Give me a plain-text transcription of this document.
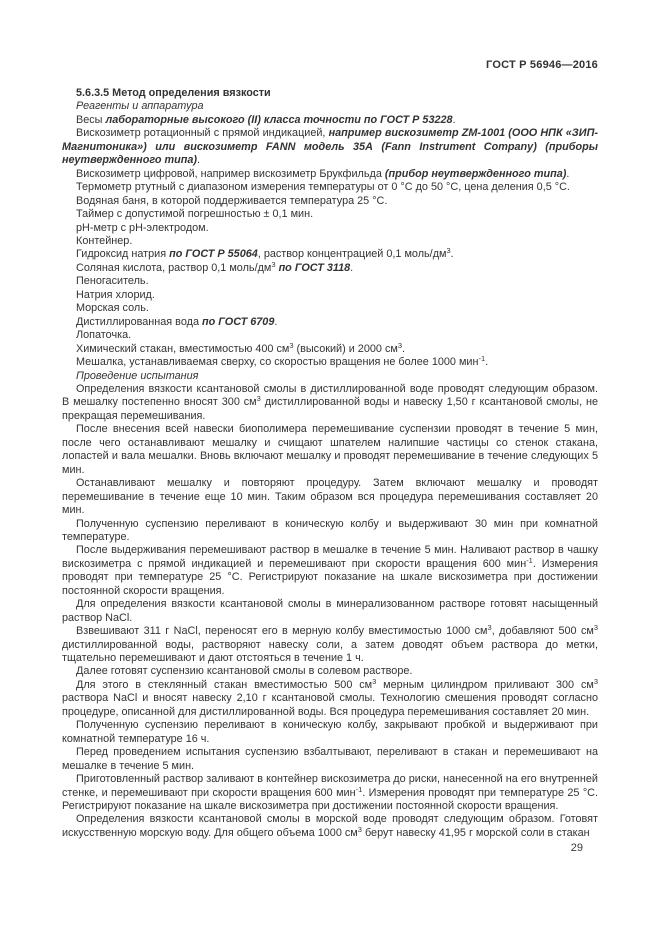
ГОСТ Р 56946—2016

5.6.3.5 Метод определения вязкости

Реагенты и аппаратура

Весы лабораторные высокого (II) класса точности по ГОСТ Р 53228.

Вискозиметр ротационный с прямой индикацией, например вискозиметр ZM-1001 (ООО НПК «ЗИП-Магнитоника») или вискозиметр FANN модель 35А (Fann Instrument Company) (приборы неутвержденного типа).

Вискозиметр цифровой, например вискозиметр Брукфильда (прибор неутвержденного типа).

Термометр ртутный с диапазоном измерения температуры от 0 °С до 50 °С, цена деления 0,5 °С.

Водяная баня, в которой поддерживается температура 25 °С.

Таймер с допустимой погрешностью ± 0,1 мин.

рН-метр с рН-электродом.

Контейнер.

Гидроксид натрия по ГОСТ Р 55064, раствор концентрацией 0,1 моль/$дм^3$.

Соляная кислота, раствор 0,1 моль/$дм^3$ по ГОСТ 3118.

Пеногаситель.

Натрия хлорид.

Морская соль.

Дистиллированная вода по ГОСТ 6709.

Лопаточка.

Химический стакан, вместимостью 400 $см^3$ (высокий) и 2000 $см^3$.

Мешалка, устанавливаемая сверху, со скоростью вращения не более 1000 мин$^{-1}$.

Проведение испытания

Определения вязкости ксантановой смолы в дистиллированной воде проводят следующим образом. В мешалку постепенно вносят 300 $см^3$ дистиллированной воды и навеску 1,50 г ксантановой смолы, не прекращая перемешивания.

После внесения всей навески биополимера перемешивание суспензии проводят в течение 5 мин, после чего останавливают мешалку и счищают шпателем налипшие частицы со стенок стакана, лопастей и вала мешалки. Вновь включают мешалку и проводят перемешивание в течение следующих 5 мин.

Останавливают мешалку и повторяют процедуру. Затем включают мешалку и проводят перемешивание в течение еще 10 мин. Таким образом вся процедура перемешивания составляет 20 мин.

Полученную суспензию переливают в коническую колбу и выдерживают 30 мин при комнатной температуре.

После выдерживания перемешивают раствор в мешалке в течение 5 мин. Наливают раствор в чашку вискозиметра с прямой индикацией и перемешивают при скорости вращения 600 мин$^{-1}$. Измерения проводят при температуре 25 °С. Регистрируют показание на шкале вискозиметра при достижении постоянной скорости вращения.

Для определения вязкости ксантановой смолы в минерализованном растворе готовят насыщенный раствор NaCl.

Взвешивают 311 г NaCl, переносят его в мерную колбу вместимостью 1000 $см^3$, добавляют 500 $см^3$ дистиллированной воды, растворяют навеску соли, а затем доводят объем раствора до метки, тщательно перемешивают и дают отстояться в течение 1 ч.

Далее готовят суспензию ксантановой смолы в солевом растворе.

Для этого в стеклянный стакан вместимостью 500 $см^3$ мерным цилиндром приливают 300 $см^3$ раствора NaCl и вносят навеску 2,10 г ксантановой смолы. Технологию смешения проводят согласно процедуре, описанной для дистиллированной воды. Вся процедура перемешивания составляет 20 мин.

Полученную суспензию переливают в коническую колбу, закрывают пробкой и выдерживают при комнатной температуре 16 ч.

Перед проведением испытания суспензию взбалтывают, переливают в стакан и перемешивают на мешалке в течение 5 мин.

Приготовленный раствор заливают в контейнер вискозиметра до риски, нанесенной на его внутренней стенке, и перемешивают при скорости вращения 600 мин$^{-1}$. Измерения проводят при температуре 25 °С. Регистрируют показание на шкале вискозиметра при достижении постоянной скорости вращения.

Определения вязкости ксантановой смолы в морской воде проводят следующим образом. Готовят искусственную морскую воду. Для общего объема 1000 $см^3$ берут навеску 41,95 г морской соли в стакан

29
